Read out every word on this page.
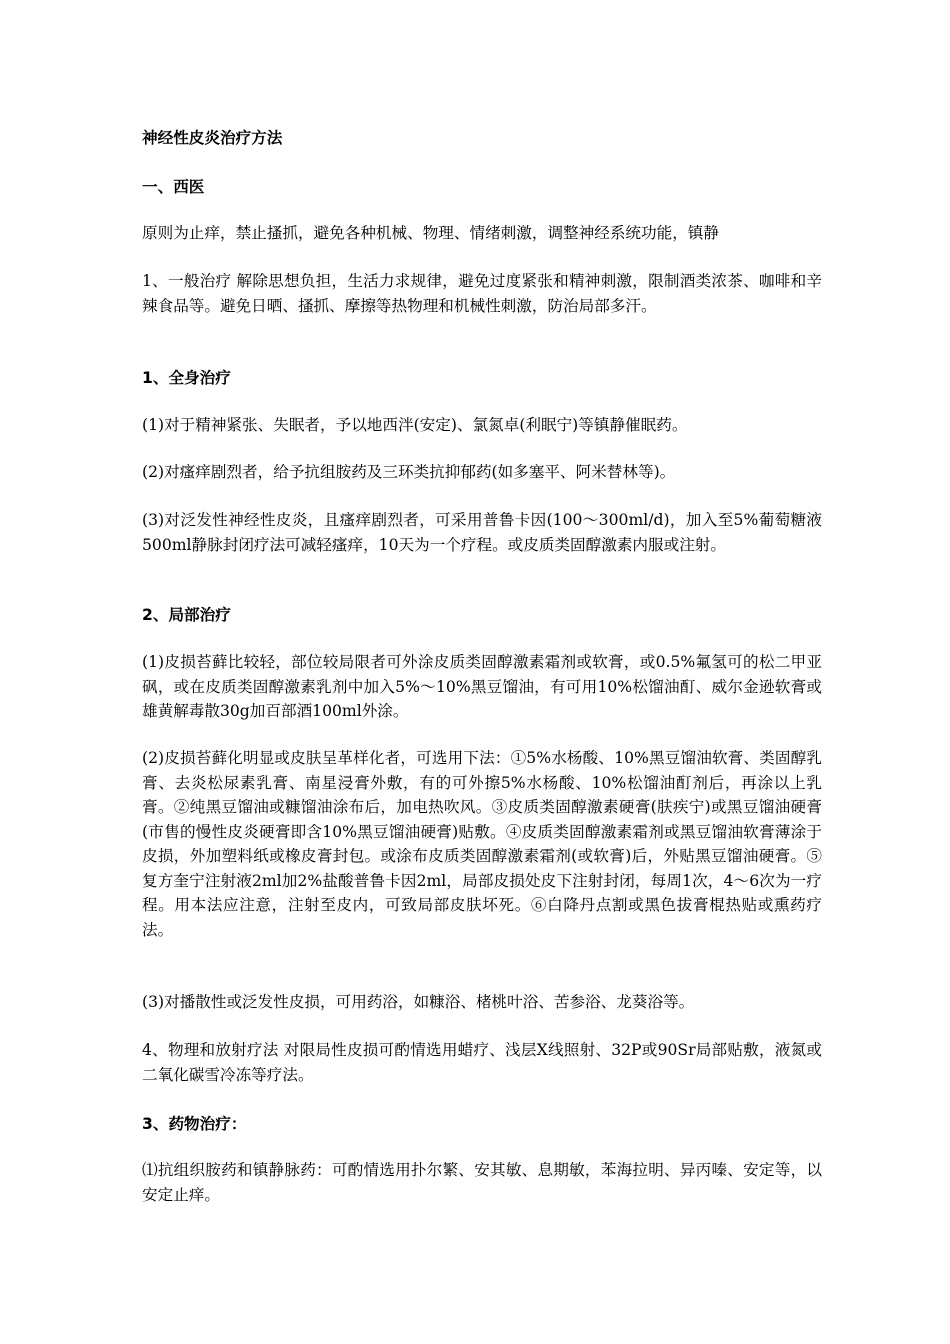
神经性皮炎治疗方法
一、西医
原则为止痒，禁止搔抓，避免各种机械、物理、情绪刺激，调整神经系统功能，镇静
1、一般治疗 解除思想负担，生活力求规律，避免过度紧张和精神刺激，限制酒类浓茶、咖啡和辛辣食品等。避免日晒、搔抓、摩擦等热物理和机械性刺激，防治局部多汗。
1、全身治疗
(1)对于精神紧张、失眠者，予以地西泮(安定)、氯氮卓(利眠宁)等镇静催眠药。
(2)对瘙痒剧烈者，给予抗组胺药及三环类抗抑郁药(如多塞平、阿米替林等)。
(3)对泛发性神经性皮炎，且瘙痒剧烈者，可采用普鲁卡因(100～300ml/d)，加入至5%葡萄糖液500ml静脉封闭疗法可减轻瘙痒，10天为一个疗程。或皮质类固醇激素内服或注射。
2、局部治疗
(1)皮损苔藓比较轻，部位较局限者可外涂皮质类固醇激素霜剂或软膏，或0.5%氟氢可的松二甲亚砜，或在皮质类固醇激素乳剂中加入5%～10%黑豆馏油，有可用10%松馏油酊、威尔金逊软膏或雄黄解毒散30g加百部酒100ml外涂。
(2)皮损苔藓化明显或皮肤呈革样化者，可选用下法：①5%水杨酸、10%黑豆馏油软膏、类固醇乳膏、去炎松尿素乳膏、南星浸膏外敷，有的可外擦5%水杨酸、10%松馏油酊剂后，再涂以上乳膏。②纯黑豆馏油或糠馏油涂布后，加电热吹风。③皮质类固醇激素硬膏(肤疾宁)或黑豆馏油硬膏(市售的慢性皮炎硬膏即含10%黑豆馏油硬膏)贴敷。④皮质类固醇激素霜剂或黑豆馏油软膏薄涂于皮损，外加塑料纸或橡皮膏封包。或涂布皮质类固醇激素霜剂(或软膏)后，外贴黑豆馏油硬膏。⑤复方奎宁注射液2ml加2%盐酸普鲁卡因2ml，局部皮损处皮下注射封闭，每周1次，4～6次为一疗程。用本法应注意，注射至皮内，可致局部皮肤坏死。⑥白降丹点割或黑色拔膏棍热贴或熏药疗法。
(3)对播散性或泛发性皮损，可用药浴，如糠浴、楮桃叶浴、苦参浴、龙葵浴等。
4、物理和放射疗法 对限局性皮损可酌情选用蜡疗、浅层X线照射、32P或90Sr局部贴敷，液氮或二氧化碳雪冷冻等疗法。
3、药物治疗：
⑴抗组织胺药和镇静脉药：可酌情选用扑尔繁、安其敏、息期敏，苯海拉明、异丙嗪、安定等，以安定止痒。
